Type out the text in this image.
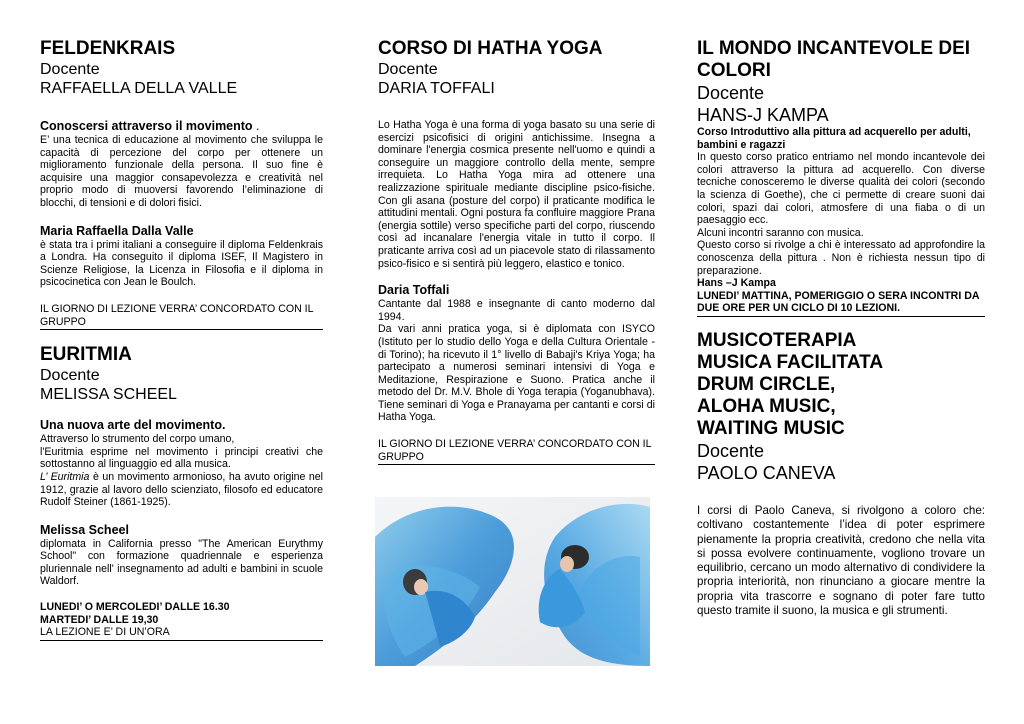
FELDENKRAIS

Docente

RAFFAELLA DELLA VALLE

Conoscersi attraverso il movimento .

E’ una tecnica di educazione al movimento che sviluppa le capacità di percezione del corpo per ottenere un miglioramento funzionale della persona. Il suo fine è acquisire una maggior consapevolezza e creatività nel proprio modo di muoversi favorendo l’eliminazione di blocchi, di tensioni e di dolori fisici.

Maria Raffaella Dalla Valle

è stata tra i primi italiani a conseguire il diploma Feldenkrais a Londra. Ha conseguito il diploma ISEF, Il Magistero in Scienze Religiose, la Licenza in Filosofia e il diploma in psicocinetica con Jean le Boulch.

IL GIORNO DI LEZIONE VERRA’ CONCORDATO CON IL GRUPPO

EURITMIA

Docente

MELISSA SCHEEL

Una nuova arte del movimento.

Attraverso lo strumento del corpo umano,

l'Euritmia esprime nel movimento i principi creativi che sottostanno al linguaggio ed alla musica.

L’ Euritmia è un movimento armonioso, ha avuto origine nel 1912, grazie al lavoro dello scienziato, filosofo ed educatore Rudolf Steiner (1861-1925).

Melissa Scheel

diplomata in California presso "The American Eurythmy School" con formazione quadriennale e esperienza pluriennale nell' insegnamento ad adulti e bambini in scuole Waldorf.

LUNEDI’ O MERCOLEDI’ DALLE 16.30

MARTEDI’ DALLE 19,30

LA LEZIONE E’ DI UN’ORA

CORSO DI HATHA YOGA

Docente

DARIA TOFFALI

Lo Hatha Yoga è una forma di yoga basato su una serie di esercizi psicofisici di origini antichissime. Insegna a dominare l'energia cosmica presente nell'uomo e quindi a conseguire un maggiore controllo della mente, sempre irrequieta. Lo Hatha Yoga mira ad ottenere una realizzazione spirituale mediante discipline psico-fisiche. Con gli asana (posture del corpo) il praticante modifica le attitudini mentali. Ogni postura fa confluire maggiore Prana (energia sottile) verso specifiche parti del corpo, riuscendo così ad incanalare l'energia vitale in tutto il corpo. Il praticante arriva così ad un piacevole stato di rilassamento psico-fisico e si sentirà più leggero, elastico e tonico.

Daria Toffali

Cantante dal 1988 e insegnante di canto moderno dal 1994.

Da vari anni pratica yoga, si è diplomata con ISYCO (Istituto per lo studio dello Yoga e della Cultura Orientale - di Torino); ha ricevuto il 1° livello di Babaji's Kriya Yoga; ha partecipato a numerosi seminari intensivi di Yoga e Meditazione, Respirazione e Suono. Pratica anche il metodo del Dr. M.V. Bhole di Yoga terapia (Yoganubhava). Tiene seminari di Yoga e Pranayama per cantanti e corsi di Hatha Yoga.

IL GIORNO DI LEZIONE VERRA’ CONCORDATO CON IL GRUPPO

IL MONDO INCANTEVOLE DEI COLORI

Docente

HANS-J KAMPA

Corso Introduttivo alla pittura ad acquerello per adulti, bambini e ragazzi

In questo corso pratico entriamo nel mondo incantevole dei colori attraverso la pittura ad acquerello. Con diverse tecniche conosceremo le diverse qualità dei colori (secondo la scienza di Goethe), che ci permette di creare suoni dai colori, spazi dai colori, atmosfere di una fiaba o di un paesaggio ecc.

Alcuni incontri saranno con musica.

Questo corso si rivolge a chi è interessato ad approfondire la conoscenza della pittura . Non è richiesta nessun tipo di preparazione.

Hans –J Kampa

LUNEDI’ MATTINA, POMERIGGIO O SERA INCONTRI DA DUE ORE PER UN CICLO DI 10 LEZIONI.

MUSICOTERAPIA

MUSICA FACILITATA

DRUM CIRCLE,

ALOHA MUSIC,

WAITING MUSIC

Docente

PAOLO CANEVA

I corsi di Paolo Caneva, si rivolgono a coloro che: coltivano costantemente l’idea di poter esprimere pienamente la propria creatività, credono che nella vita si possa evolvere continuamente, vogliono trovare un equilibrio, cercano un modo alternativo di condividere la propria interiorità, non rinunciano a giocare mentre la propria vita trascorre e sognano di poter fare tutto questo tramite il suono, la musica e gli strumenti.
